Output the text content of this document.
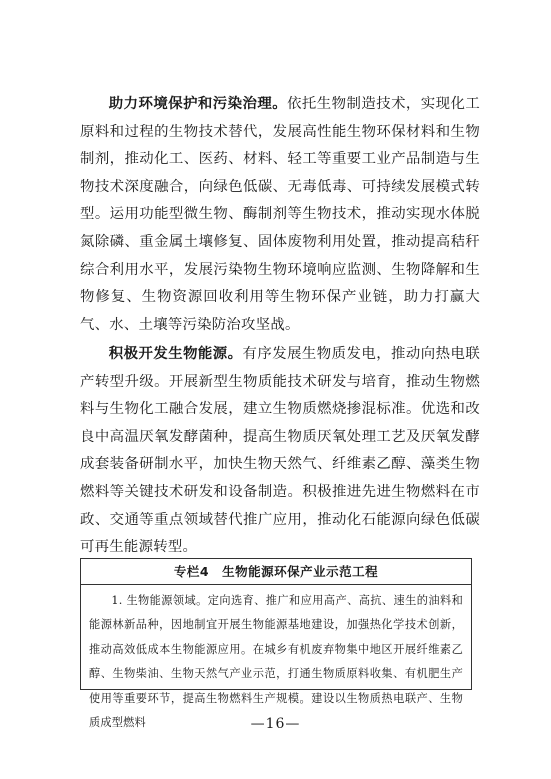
助力环境保护和污染治理。依托生物制造技术，实现化工原料和过程的生物技术替代，发展高性能生物环保材料和生物制剂，推动化工、医药、材料、轻工等重要工业产品制造与生物技术深度融合，向绿色低碳、无毒低毒、可持续发展模式转型。运用功能型微生物、酶制剂等生物技术，推动实现水体脱氮除磷、重金属土壤修复、固体废物利用处置，推动提高秸秆综合利用水平，发展污染物生物环境响应监测、生物降解和生物修复、生物资源回收利用等生物环保产业链，助力打赢大气、水、土壤等污染防治攻坚战。

积极开发生物能源。有序发展生物质发电，推动向热电联产转型升级。开展新型生物质能技术研发与培育，推动生物燃料与生物化工融合发展，建立生物质燃烧掺混标准。优选和改良中高温厌氧发酵菌种，提高生物质厌氧处理工艺及厌氧发酵成套装备研制水平，加快生物天然气、纤维素乙醇、藻类生物燃料等关键技术研发和设备制造。积极推进先进生物燃料在市政、交通等重点领域替代推广应用，推动化石能源向绿色低碳可再生能源转型。

专栏4　生物能源环保产业示范工程

1. 生物能源领域。定向选育、推广和应用高产、高抗、速生的油料和能源林新品种，因地制宜开展生物能源基地建设，加强热化学技术创新，推动高效低成本生物能源应用。在城乡有机废弃物集中地区开展纤维素乙醇、生物柴油、生物天然气产业示范，打通生物质原料收集、有机肥生产使用等重要环节，提高生物燃料生产规模。建设以生物质热电联产、生物质成型燃料	—16—
